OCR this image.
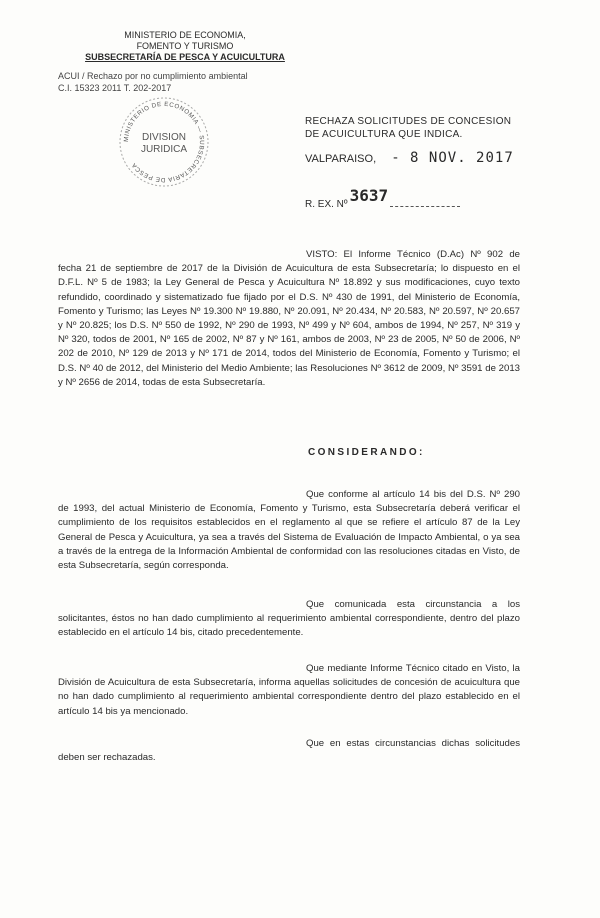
MINISTERIO DE ECONOMIA,
FOMENTO Y TURISMO
SUBSECRETARÍA DE PESCA Y ACUICULTURA
ACUI / Rechazo por no cumplimiento ambiental
C.I. 15323 2011 T. 202-2017
MINISTERIO DE ECONOMIA — SUBSECRETARIA DE PESCA
DIVISION
JURIDICA
RECHAZA SOLICITUDES DE CONCESION DE ACUICULTURA QUE INDICA.
VALPARAISO, - 8 NOV. 2017
R. EX. Nº 3637
VISTO: El Informe Técnico (D.Ac) Nº 902 de fecha 21 de septiembre de 2017 de la División de Acuicultura de esta Subsecretaría; lo dispuesto en el D.F.L. Nº 5 de 1983; la Ley General de Pesca y Acuicultura Nº 18.892 y sus modificaciones, cuyo texto refundido, coordinado y sistematizado fue fijado por el D.S. Nº 430 de 1991, del Ministerio de Economía, Fomento y Turismo; las Leyes Nº 19.300 Nº 19.880, Nº 20.091, Nº 20.434, Nº 20.583, Nº 20.597, Nº 20.657 y Nº 20.825; los D.S. Nº 550 de 1992, Nº 290 de 1993, Nº 499 y Nº 604, ambos de 1994, Nº 257, Nº 319 y Nº 320, todos de 2001, Nº 165 de 2002, Nº 87 y Nº 161, ambos de 2003, Nº 23 de 2005, Nº 50 de 2006, Nº 202 de 2010, Nº 129 de 2013 y Nº 171 de 2014, todos del Ministerio de Economía, Fomento y Turismo; el D.S. Nº 40 de 2012, del Ministerio del Medio Ambiente; las Resoluciones Nº 3612 de 2009, Nº 3591 de 2013 y Nº 2656 de 2014, todas de esta Subsecretaría.
CONSIDERANDO:
Que conforme al artículo 14 bis del D.S. Nº 290 de 1993, del actual Ministerio de Economía, Fomento y Turismo, esta Subsecretaría deberá verificar el cumplimiento de los requisitos establecidos en el reglamento al que se refiere el artículo 87 de la Ley General de Pesca y Acuicultura, ya sea a través del Sistema de Evaluación de Impacto Ambiental, o ya sea a través de la entrega de la Información Ambiental de conformidad con las resoluciones citadas en Visto, de esta Subsecretaría, según corresponda.
Que comunicada esta circunstancia a los solicitantes, éstos no han dado cumplimiento al requerimiento ambiental correspondiente, dentro del plazo establecido en el artículo 14 bis, citado precedentemente.
Que mediante Informe Técnico citado en Visto, la División de Acuicultura de esta Subsecretaría, informa aquellas solicitudes de concesión de acuicultura que no han dado cumplimiento al requerimiento ambiental correspondiente dentro del plazo establecido en el artículo 14 bis ya mencionado.
Que en estas circunstancias dichas solicitudes deben ser rechazadas.
